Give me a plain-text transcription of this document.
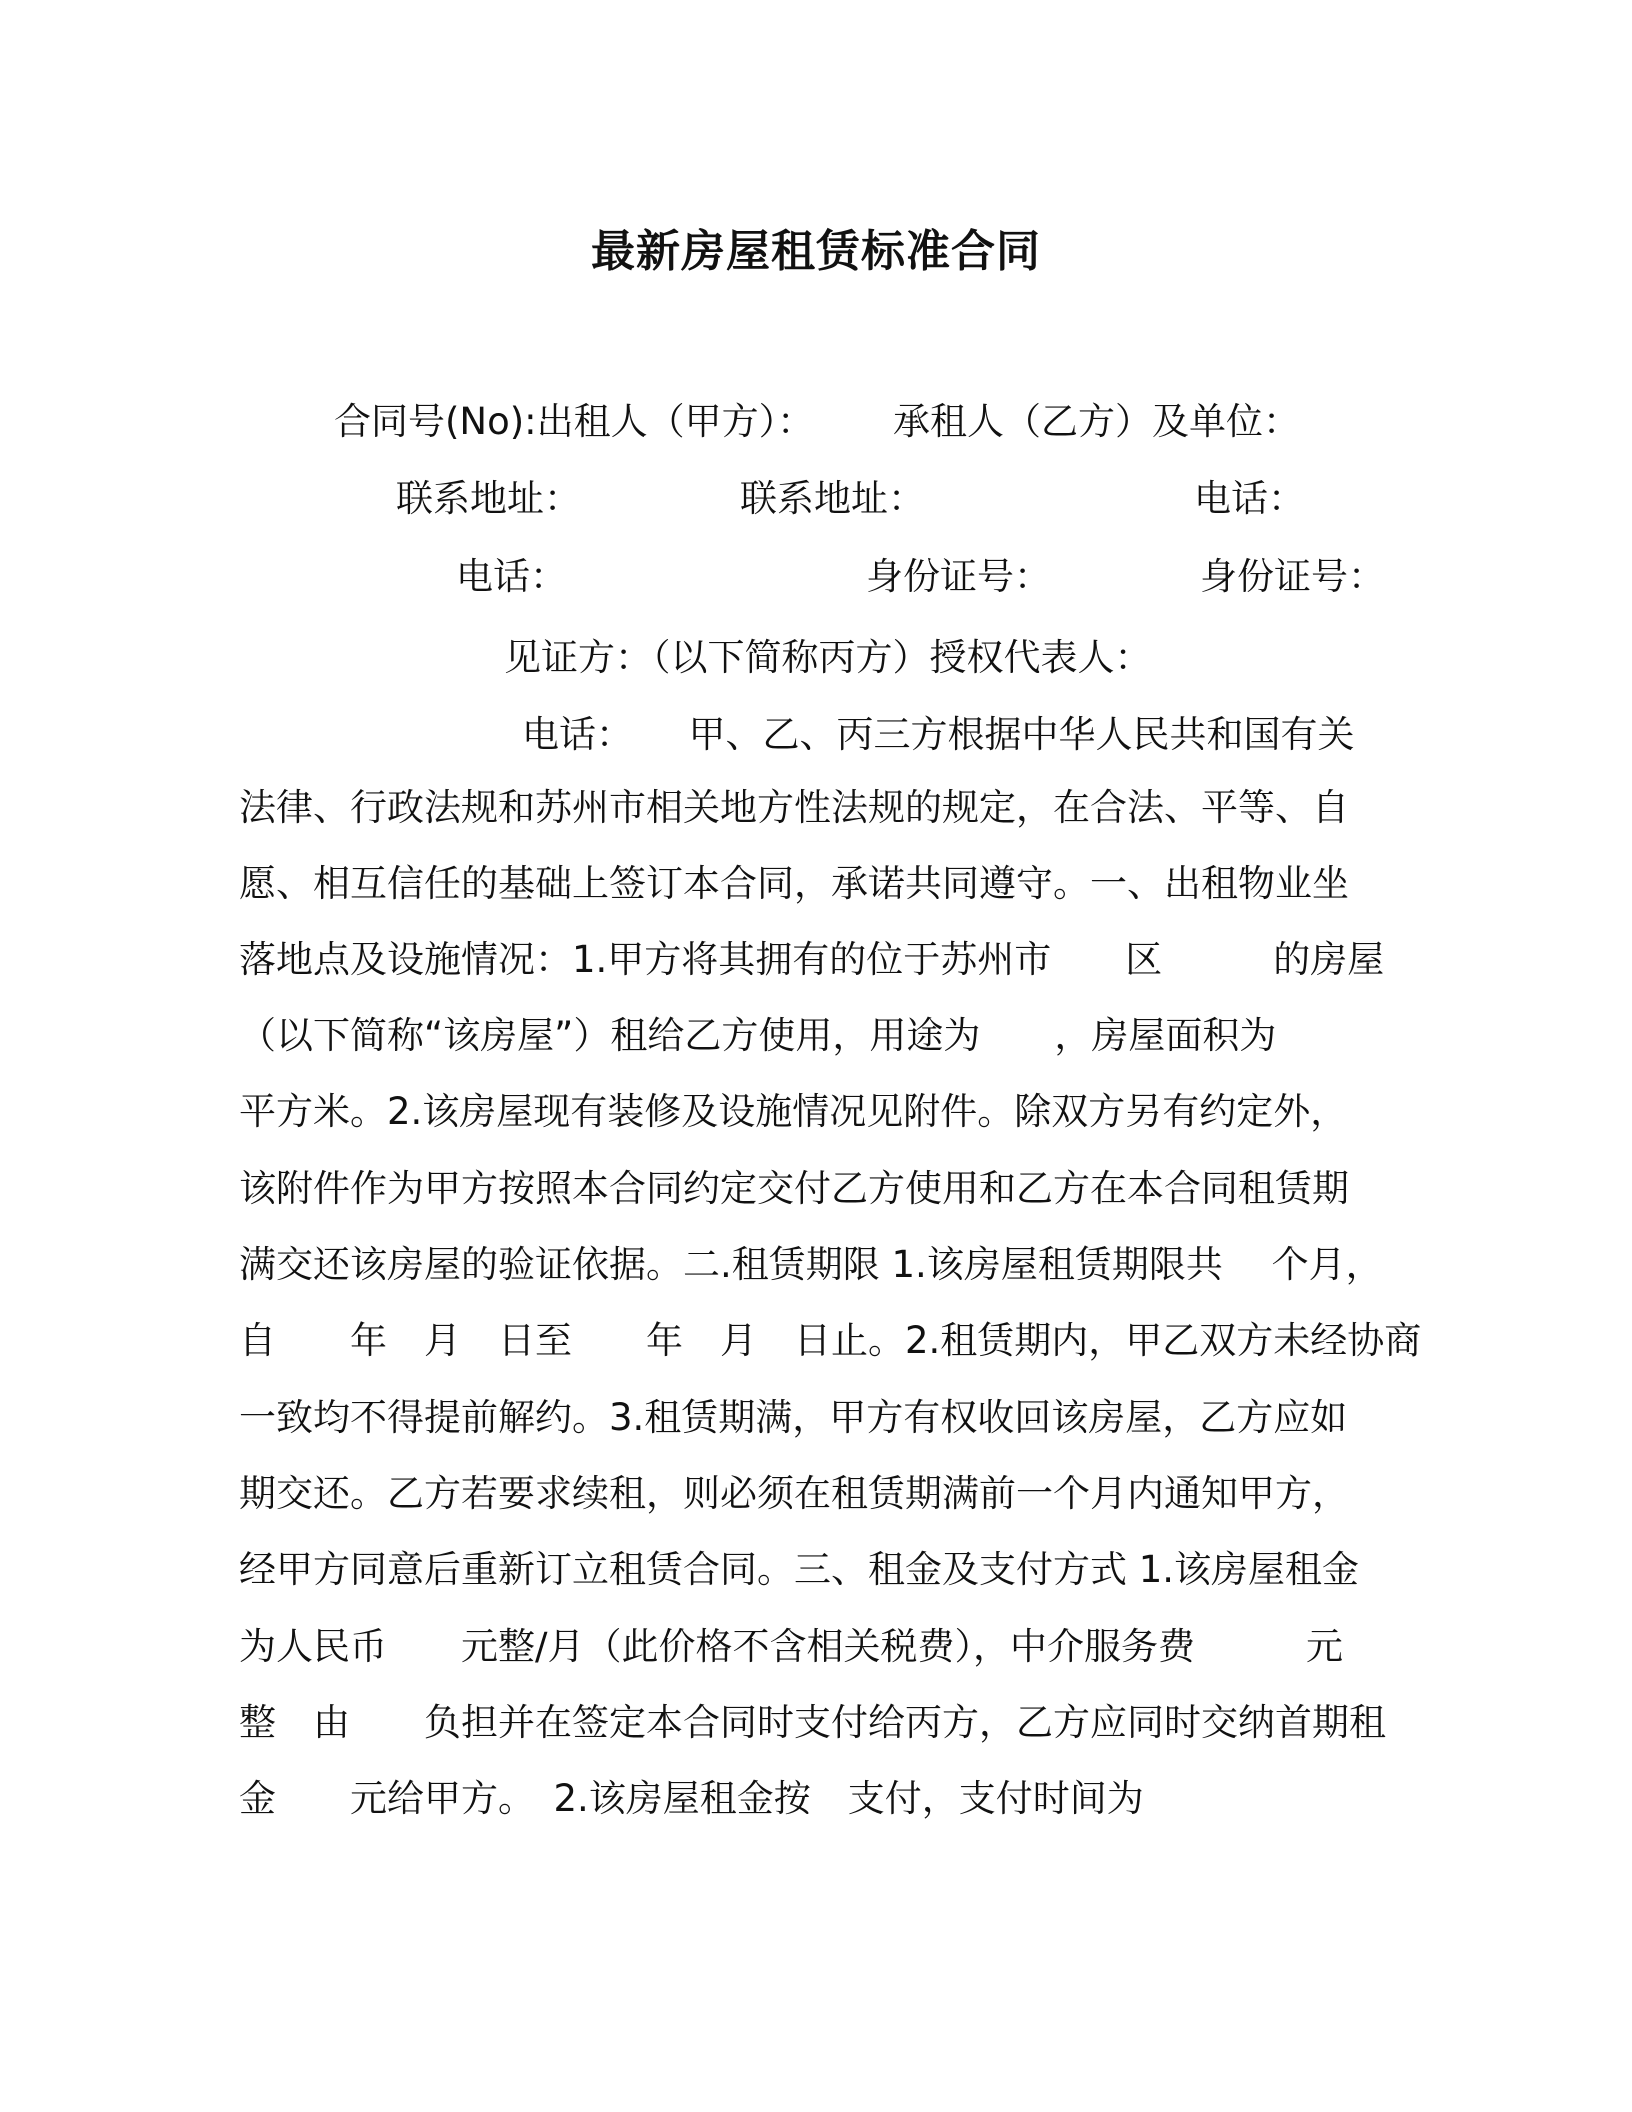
最新房屋租赁标准合同
合同号(No):出租人（甲方）： 承租人（乙方）及单位：
联系地址：	联系地址：	电话：
电话：	身份证号：	身份证号：
见证方：（以下简称丙方）授权代表人：
电话：　　甲、乙、丙三方根据中华人民共和国有关
法律、行政法规和苏州市相关地方性法规的规定，在合法、平等、自
愿、相互信任的基础上签订本合同，承诺共同遵守。一、出租物业坐
落地点及设施情况：1.甲方将其拥有的位于苏州市　　区　　　的房屋
（以下简称“该房屋”）租给乙方使用，用途为　　，房屋面积为
平方米。2.该房屋现有装修及设施情况见附件。除双方另有约定外，
该附件作为甲方按照本合同约定交付乙方使用和乙方在本合同租赁期
满交还该房屋的验证依据。二.租赁期限 1.该房屋租赁期限共　 个月，
自　　年　月　日至　　年　月　日止。2.租赁期内，甲乙双方未经协商
一致均不得提前解约。3.租赁期满，甲方有权收回该房屋，乙方应如
期交还。乙方若要求续租，则必须在租赁期满前一个月内通知甲方，
经甲方同意后重新订立租赁合同。三、租金及支付方式 1.该房屋租金
为人民币　　元整/月（此价格不含相关税费），中介服务费　　　元
整　由　　负担并在签定本合同时支付给丙方，乙方应同时交纳首期租
金　　元给甲方。　2.该房屋租金按　支付，支付时间为
